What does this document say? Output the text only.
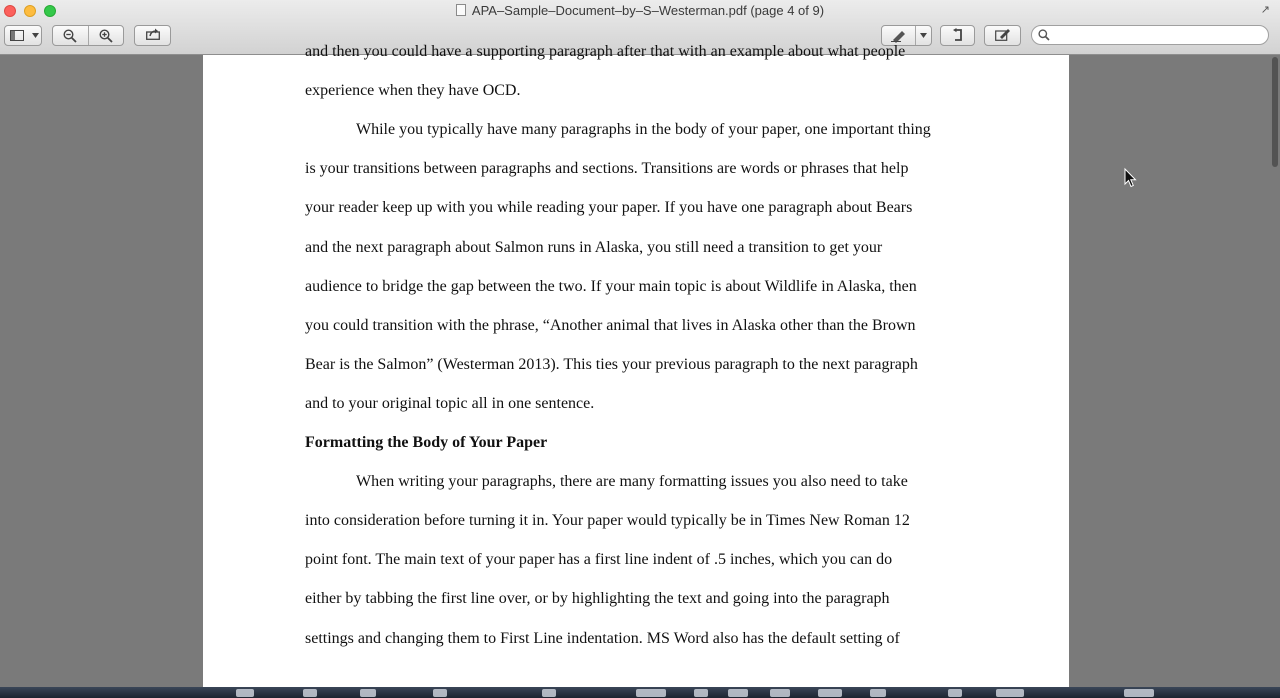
APA–Sample–Document–by–S–Westerman.pdf (page 4 of 9)	↗
and then you could have a supporting paragraph after that with an example about what people
experience when they have OCD.
While you typically have many paragraphs in the body of your paper, one important thing
is your transitions between paragraphs and sections. Transitions are words or phrases that help
your reader keep up with you while reading your paper. If you have one paragraph about Bears
and the next paragraph about Salmon runs in Alaska, you still need a transition to get your
audience to bridge the gap between the two. If your main topic is about Wildlife in Alaska, then
you could transition with the phrase, “Another animal that lives in Alaska other than the Brown
Bear is the Salmon” (Westerman 2013). This ties your previous paragraph to the next paragraph
and to your original topic all in one sentence.
Formatting the Body of Your Paper
When writing your paragraphs, there are many formatting issues you also need to take
into consideration before turning it in. Your paper would typically be in Times New Roman 12
point font. The main text of your paper has a first line indent of .5 inches, which you can do
either by tabbing the first line over, or by highlighting the text and going into the paragraph
settings and changing them to First Line indentation. MS Word also has the default setting of
